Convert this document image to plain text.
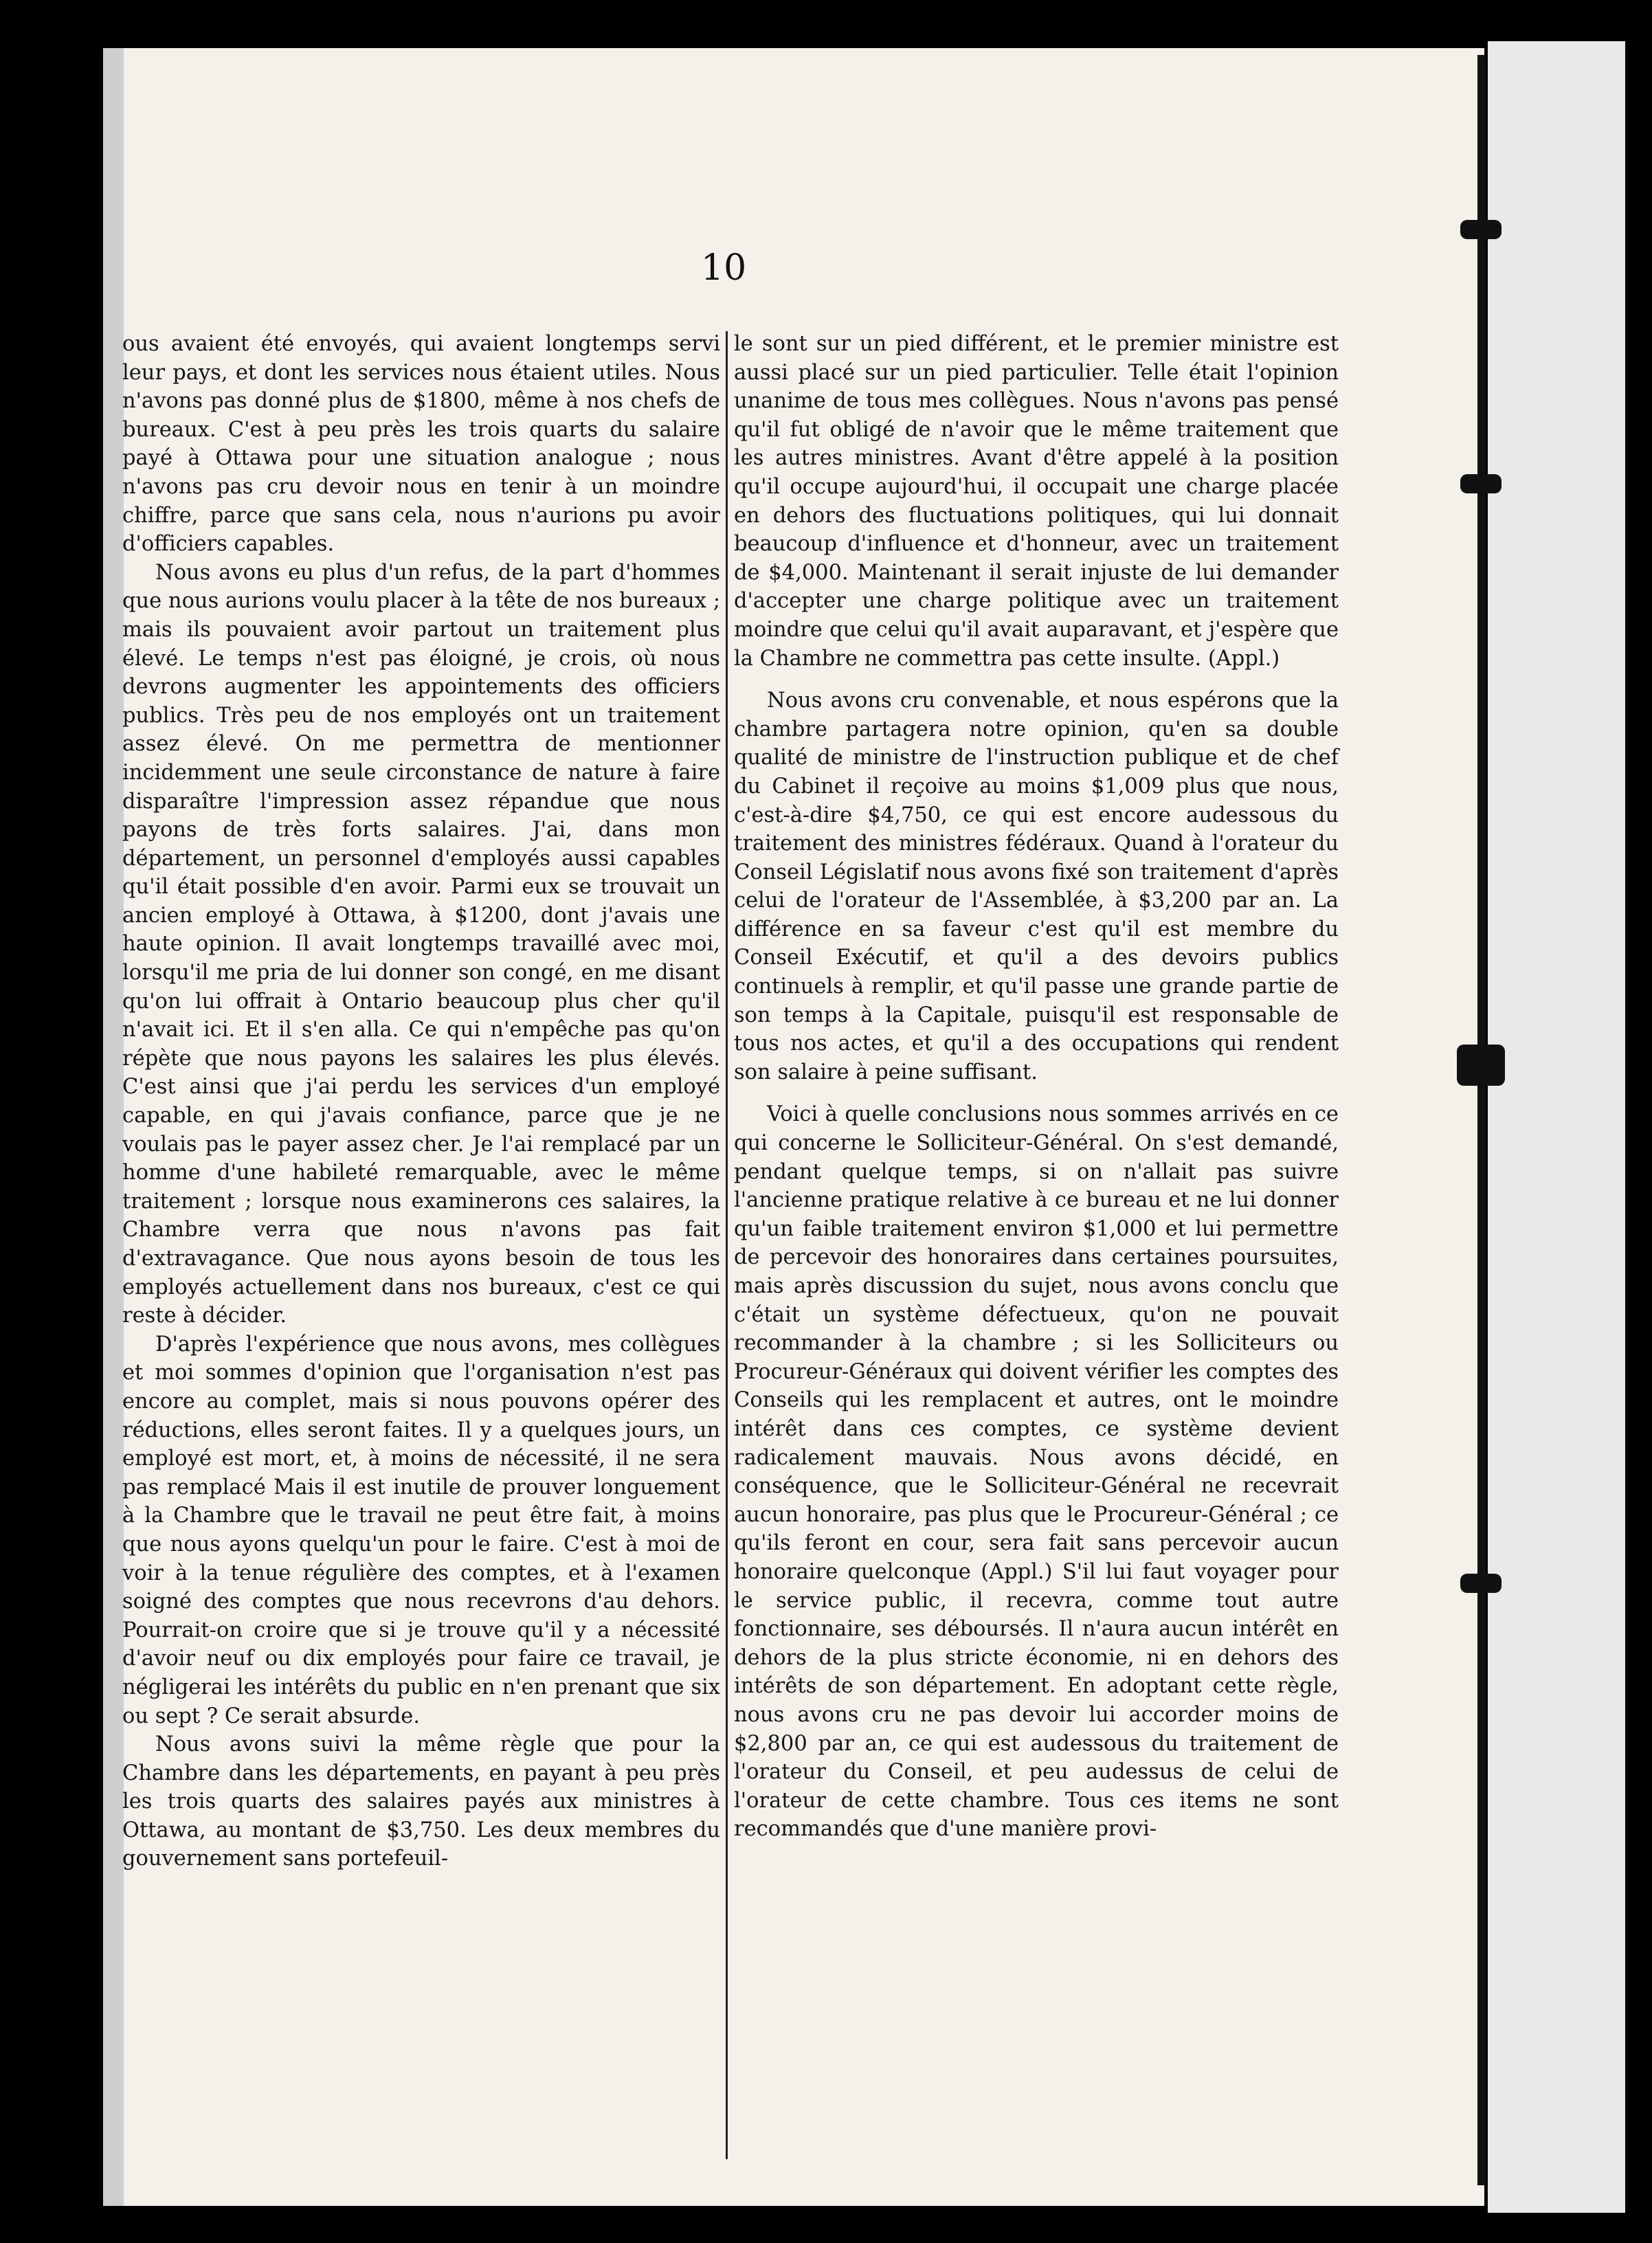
10

ous avaient été envoyés, qui avaient longtemps servi leur pays, et dont les services nous étaient utiles. Nous n'avons pas donné plus de $1800, même à nos chefs de bureaux. C'est à peu près les trois quarts du salaire payé à Ottawa pour une situation analogue ; nous n'avons pas cru devoir nous en tenir à un moindre chiffre, parce que sans cela, nous n'aurions pu avoir d'officiers capables.

Nous avons eu plus d'un refus, de la part d'hommes que nous aurions voulu placer à la tête de nos bureaux ; mais ils pouvaient avoir partout un traitement plus élevé. Le temps n'est pas éloigné, je crois, où nous devrons augmenter les appointements des officiers publics. Très peu de nos employés ont un traitement assez élevé. On me permettra de mentionner incidemment une seule circonstance de nature à faire disparaître l'impression assez répandue que nous payons de très forts salaires. J'ai, dans mon département, un personnel d'employés aussi capables qu'il était possible d'en avoir. Parmi eux se trouvait un ancien employé à Ottawa, à $1200, dont j'avais une haute opinion. Il avait longtemps travaillé avec moi, lorsqu'il me pria de lui donner son congé, en me disant qu'on lui offrait à Ontario beaucoup plus cher qu'il n'avait ici. Et il s'en alla. Ce qui n'empêche pas qu'on répète que nous payons les salaires les plus élevés. C'est ainsi que j'ai perdu les services d'un employé capable, en qui j'avais confiance, parce que je ne voulais pas le payer assez cher. Je l'ai remplacé par un homme d'une habileté remarquable, avec le même traitement ; lorsque nous examinerons ces salaires, la Chambre verra que nous n'avons pas fait d'extravagance. Que nous ayons besoin de tous les employés actuellement dans nos bureaux, c'est ce qui reste à décider.

D'après l'expérience que nous avons, mes collègues et moi sommes d'opinion que l'organisation n'est pas encore au complet, mais si nous pouvons opérer des réductions, elles seront faites. Il y a quelques jours, un employé est mort, et, à moins de nécessité, il ne sera pas remplacé Mais il est inutile de prouver longuement à la Chambre que le travail ne peut être fait, à moins que nous ayons quelqu'un pour le faire. C'est à moi de voir à la tenue régulière des comptes, et à l'examen soigné des comptes que nous recevrons d'au dehors. Pourrait-on croire que si je trouve qu'il y a nécessité d'avoir neuf ou dix employés pour faire ce travail, je négligerai les intérêts du public en n'en prenant que six ou sept ? Ce serait absurde.

Nous avons suivi la même règle que pour la Chambre dans les départements, en payant à peu près les trois quarts des salaires payés aux ministres à Ottawa, au montant de $3,750. Les deux membres du gouvernement sans portefeuil-

le sont sur un pied différent, et le premier ministre est aussi placé sur un pied particulier. Telle était l'opinion unanime de tous mes collègues. Nous n'avons pas pensé qu'il fut obligé de n'avoir que le même traitement que les autres ministres. Avant d'être appelé à la position qu'il occupe aujourd'hui, il occupait une charge placée en dehors des fluctuations politiques, qui lui donnait beaucoup d'influence et d'honneur, avec un traitement de $4,000. Maintenant il serait injuste de lui demander d'accepter une charge politique avec un traitement moindre que celui qu'il avait auparavant, et j'espère que la Chambre ne commettra pas cette insulte. (Appl.)

Nous avons cru convenable, et nous espérons que la chambre partagera notre opinion, qu'en sa double qualité de ministre de l'instruction publique et de chef du Cabinet il reçoive au moins $1,009 plus que nous, c'est-à-dire $4,750, ce qui est encore audessous du traitement des ministres fédéraux. Quand à l'orateur du Conseil Législatif nous avons fixé son traitement d'après celui de l'orateur de l'Assemblée, à $3,200 par an. La différence en sa faveur c'est qu'il est membre du Conseil Exécutif, et qu'il a des devoirs publics continuels à remplir, et qu'il passe une grande partie de son temps à la Capitale, puisqu'il est responsable de tous nos actes, et qu'il a des occupations qui rendent son salaire à peine suffisant.

Voici à quelle conclusions nous sommes arrivés en ce qui concerne le Solliciteur-Général. On s'est demandé, pendant quelque temps, si on n'allait pas suivre l'ancienne pratique relative à ce bureau et ne lui donner qu'un faible traitement environ $1,000 et lui permettre de percevoir des honoraires dans certaines poursuites, mais après discussion du sujet, nous avons conclu que c'était un système défectueux, qu'on ne pouvait recommander à la chambre ; si les Solliciteurs ou Procureur-Généraux qui doivent vérifier les comptes des Conseils qui les remplacent et autres, ont le moindre intérêt dans ces comptes, ce système devient radicalement mauvais. Nous avons décidé, en conséquence, que le Solliciteur-Général ne recevrait aucun honoraire, pas plus que le Procureur-Général ; ce qu'ils feront en cour, sera fait sans percevoir aucun honoraire quelconque (Appl.) S'il lui faut voyager pour le service public, il recevra, comme tout autre fonctionnaire, ses déboursés. Il n'aura aucun intérêt en dehors de la plus stricte économie, ni en dehors des intérêts de son département. En adoptant cette règle, nous avons cru ne pas devoir lui accorder moins de $2,800 par an, ce qui est audessous du traitement de l'orateur du Conseil, et peu audessus de celui de l'orateur de cette chambre. Tous ces items ne sont recommandés que d'une manière provi-
